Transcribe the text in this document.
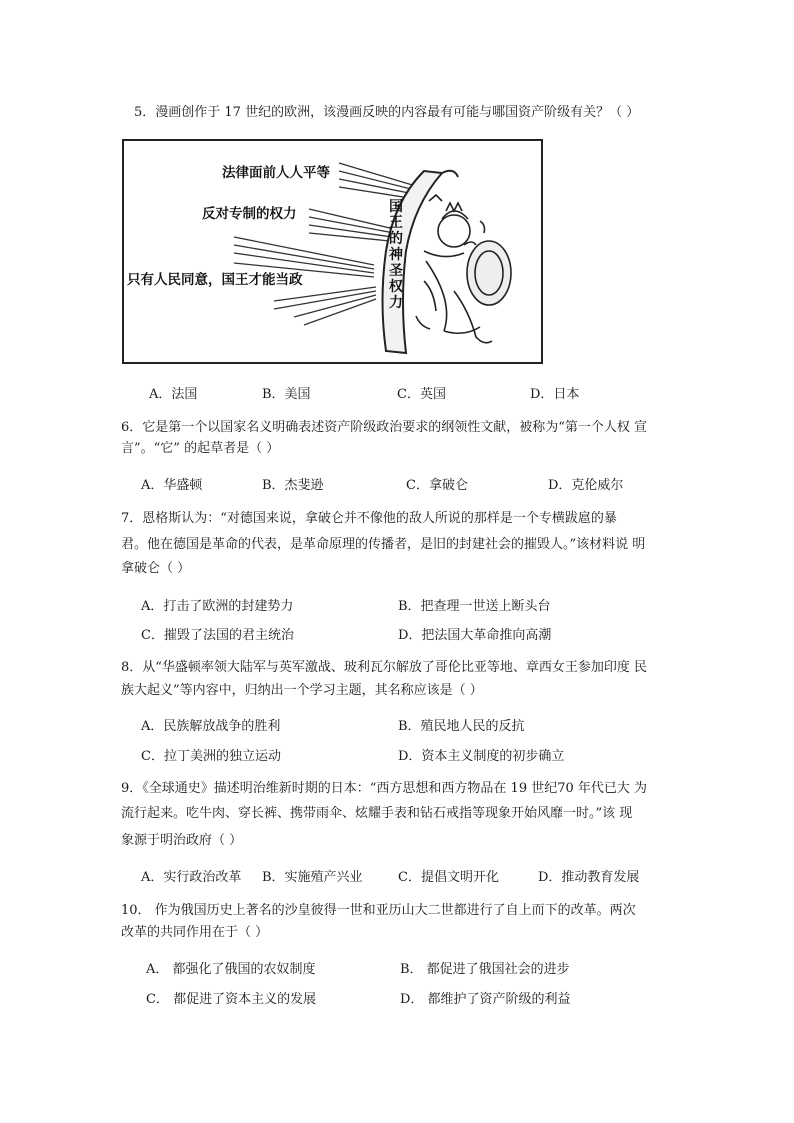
5．漫画创作于 17 世纪的欧洲，该漫画反映的内容最有可能与哪国资产阶级有关？（ ）
法律面前人人平等
反对专制的权力
只有人民同意，国王才能当政
国
王
的
神
圣
权
力
A．法国	B．美国	C．英国	D．日本
6．它是第一个以国家名义明确表述资产阶级政治要求的纲领性文献，被称为“第一个人权 宣
言”。“它” 的起草者是（ ）
A．华盛顿	B．杰斐逊	C．拿破仑	D．克伦威尔
7．恩格斯认为：“对德国来说，拿破仑并不像他的敌人所说的那样是一个专横跋扈的暴
君。他在德国是革命的代表，是革命原理的传播者，是旧的封建社会的摧毁人。”该材料说 明
拿破仑（ ）
A．打击了欧洲的封建势力	B．把查理一世送上断头台
C．摧毁了法国的君主统治	D．把法国大革命推向高潮
8．从“华盛顿率领大陆军与英军激战、玻利瓦尔解放了哥伦比亚等地、章西女王参加印度 民
族大起义”等内容中，归纳出一个学习主题，其名称应该是（ ）
A．民族解放战争的胜利	B．殖民地人民的反抗
C．拉丁美洲的独立运动	D．资本主义制度的初步确立
9．《全球通史》描述明治维新时期的日本：“西方思想和西方物品在 19 世纪70 年代已大 为
流行起来。吃牛肉、穿长裤、携带雨伞、炫耀手表和钻石戒指等现象开始风靡一时。”该 现
象源于明治政府（ ）
A．实行政治改革 B．实施殖产兴业	C．提倡文明开化	D．推动教育发展
10． 作为俄国历史上著名的沙皇彼得一世和亚历山大二世都进行了自上而下的改革。两次
改革的共同作用在于（ ）
A． 都强化了俄国的农奴制度	B． 都促进了俄国社会的进步
C． 都促进了资本主义的发展	D． 都维护了资产阶级的利益
